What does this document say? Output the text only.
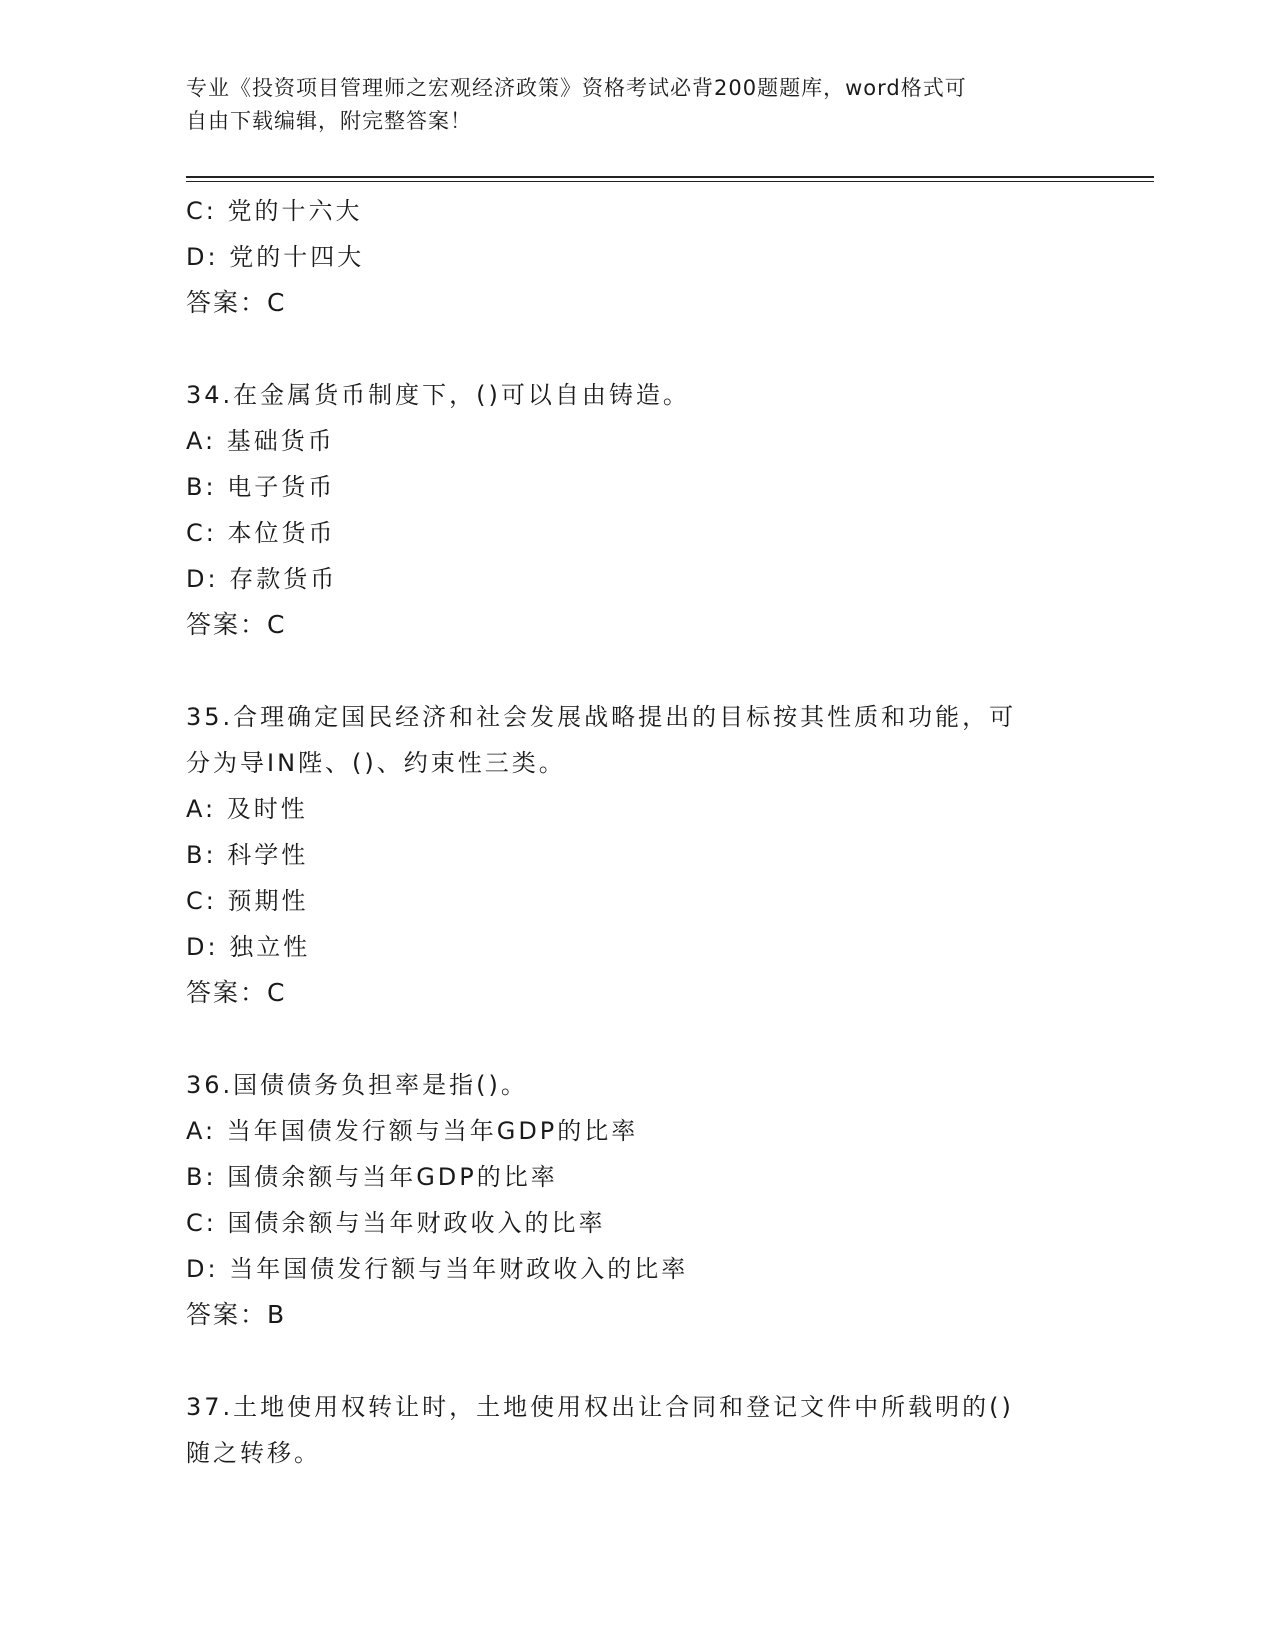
专业《投资项目管理师之宏观经济政策》资格考试必背200题题库，word格式可
自由下载编辑，附完整答案！
C: 党的十六大
D: 党的十四大
答案：C
34.在金属货币制度下，()可以自由铸造。
A: 基础货币
B: 电子货币
C: 本位货币
D: 存款货币
答案：C
35.合理确定国民经济和社会发展战略提出的目标按其性质和功能，可
分为导IN陛、()、约束性三类。
A: 及时性
B: 科学性
C: 预期性
D: 独立性
答案：C
36.国债债务负担率是指()。
A: 当年国债发行额与当年GDP的比率
B: 国债余额与当年GDP的比率
C: 国债余额与当年财政收入的比率
D: 当年国债发行额与当年财政收入的比率
答案：B
37.土地使用权转让时，土地使用权出让合同和登记文件中所载明的()
随之转移。
